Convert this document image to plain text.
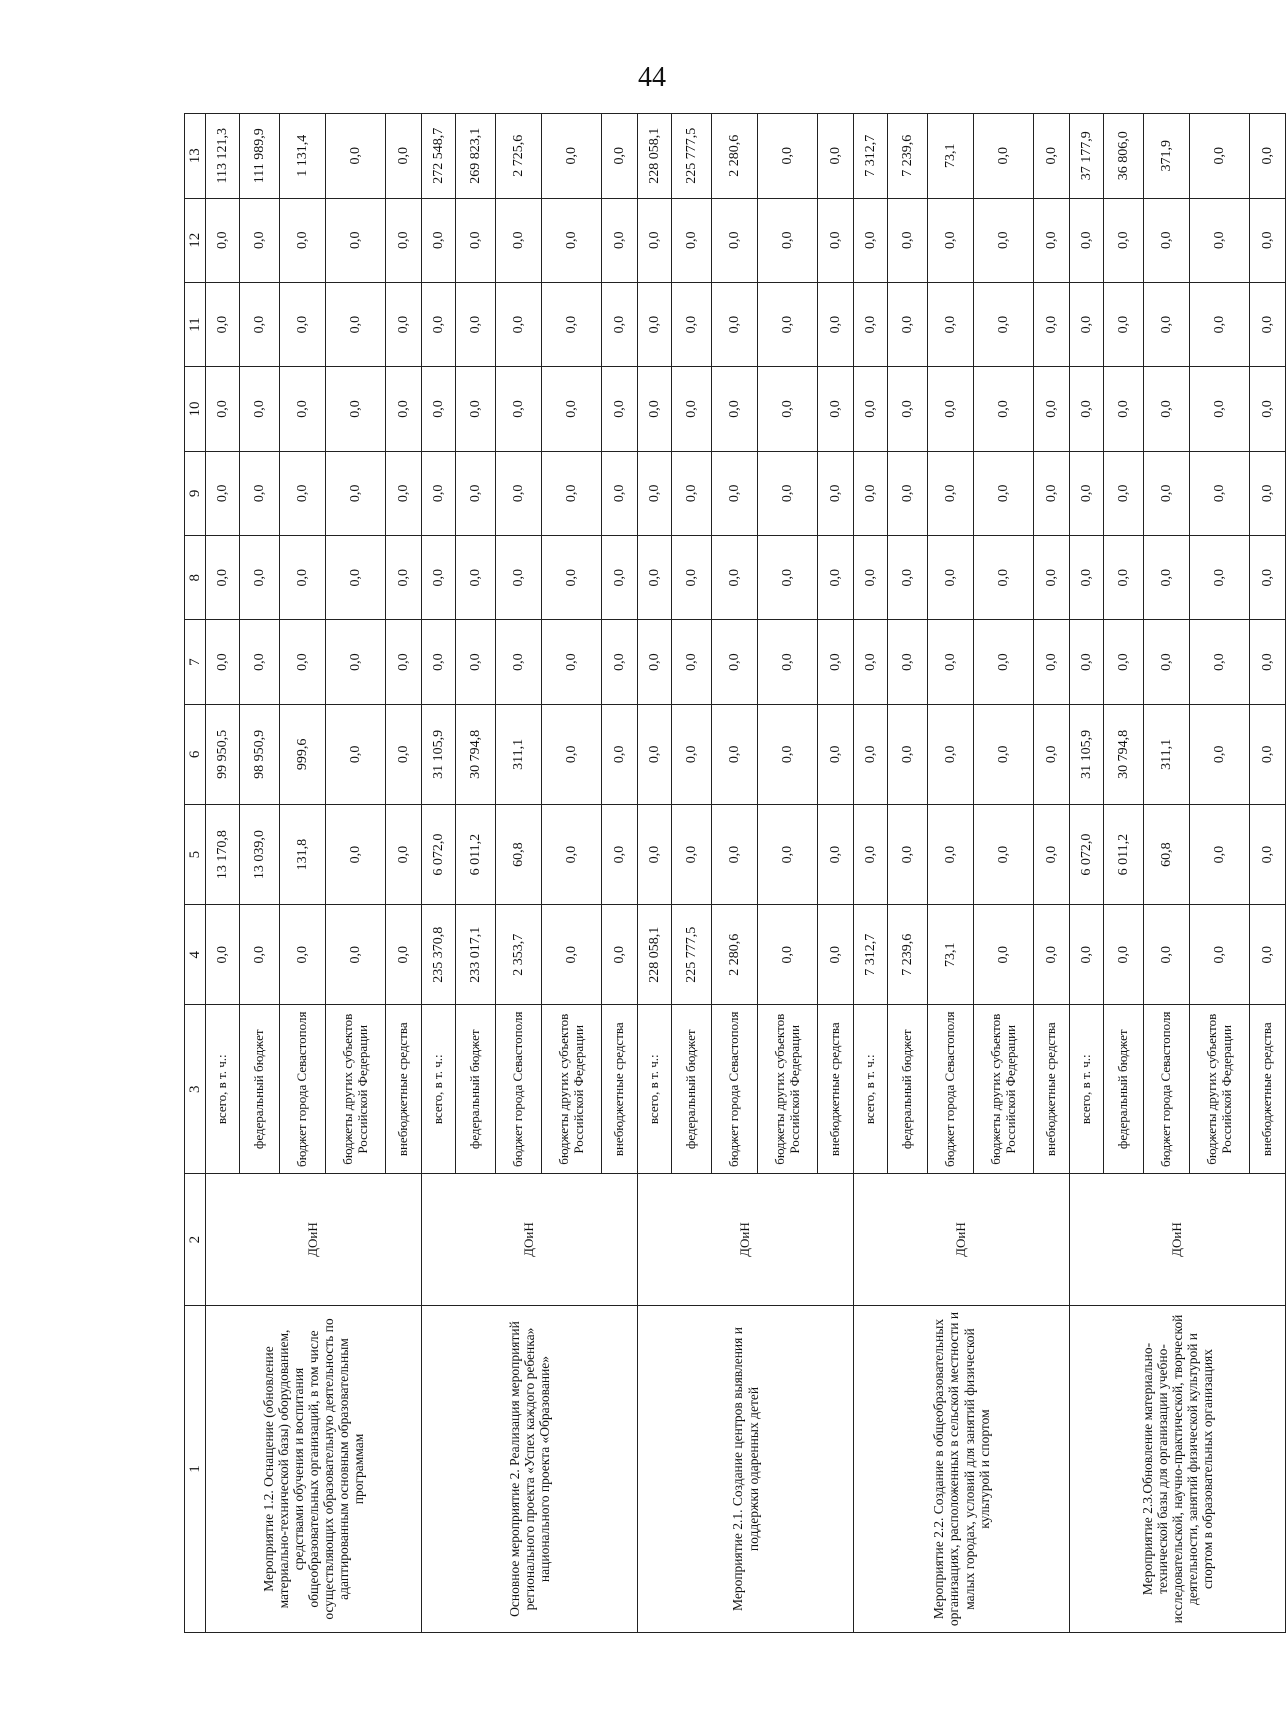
44
1	2	3	4	5	6	7	8	9	10	11	12	13
Мероприятие 1.2. Оснащение (обновление материально-технической базы) оборудованием, средствами обучения и воспитания общеобразовательных организаций, в том числе осуществляющих образовательную деятельность по адаптированным основным образовательным программам	ДОиН	всего, в т. ч.:	0,0	13 170,8	99 950,5	0,0	0,0	0,0	0,0	0,0	0,0	113 121,3
		федеральный бюджет	0,0	13 039,0	98 950,9	0,0	0,0	0,0	0,0	0,0	0,0	111 989,9
		бюджет города Севастополя	0,0	131,8	999,6	0,0	0,0	0,0	0,0	0,0	0,0	1 131,4
		бюджеты других субъектов Российской Федерации	0,0	0,0	0,0	0,0	0,0	0,0	0,0	0,0	0,0	0,0
		внебюджетные средства	0,0	0,0	0,0	0,0	0,0	0,0	0,0	0,0	0,0	0,0
Основное мероприятие 2. Реализация мероприятий регионального проекта «Успех каждого ребенка» национального проекта «Образование»	ДОиН	всего, в т. ч.:	235 370,8	6 072,0	31 105,9	0,0	0,0	0,0	0,0	0,0	0,0	272 548,7
		федеральный бюджет	233 017,1	6 011,2	30 794,8	0,0	0,0	0,0	0,0	0,0	0,0	269 823,1
		бюджет города Севастополя	2 353,7	60,8	311,1	0,0	0,0	0,0	0,0	0,0	0,0	2 725,6
		бюджеты других субъектов Российской Федерации	0,0	0,0	0,0	0,0	0,0	0,0	0,0	0,0	0,0	0,0
		внебюджетные средства	0,0	0,0	0,0	0,0	0,0	0,0	0,0	0,0	0,0	0,0
Мероприятие 2.1. Создание центров выявления и поддержки одаренных детей	ДОиН	всего, в т. ч.:	228 058,1	0,0	0,0	0,0	0,0	0,0	0,0	0,0	0,0	228 058,1
		федеральный бюджет	225 777,5	0,0	0,0	0,0	0,0	0,0	0,0	0,0	0,0	225 777,5
		бюджет города Севастополя	2 280,6	0,0	0,0	0,0	0,0	0,0	0,0	0,0	0,0	2 280,6
		бюджеты других субъектов Российской Федерации	0,0	0,0	0,0	0,0	0,0	0,0	0,0	0,0	0,0	0,0
		внебюджетные средства	0,0	0,0	0,0	0,0	0,0	0,0	0,0	0,0	0,0	0,0
Мероприятие 2.2. Создание в общеобразовательных организациях, расположенных в сельской местности и малых городах, условий для занятий физической культурой и спортом	ДОиН	всего, в т. ч.:	7 312,7	0,0	0,0	0,0	0,0	0,0	0,0	0,0	0,0	7 312,7
		федеральный бюджет	7 239,6	0,0	0,0	0,0	0,0	0,0	0,0	0,0	0,0	7 239,6
		бюджет города Севастополя	73,1	0,0	0,0	0,0	0,0	0,0	0,0	0,0	0,0	73,1
		бюджеты других субъектов Российской Федерации	0,0	0,0	0,0	0,0	0,0	0,0	0,0	0,0	0,0	0,0
		внебюджетные средства	0,0	0,0	0,0	0,0	0,0	0,0	0,0	0,0	0,0	0,0
Мероприятие 2.3.Обновление материально-технической базы для организации учебно-исследовательской, научно-практической, творческой деятельности, занятий физической культурой и спортом в образовательных организациях	ДОиН	всего, в т. ч.:	0,0	6 072,0	31 105,9	0,0	0,0	0,0	0,0	0,0	0,0	37 177,9
		федеральный бюджет	0,0	6 011,2	30 794,8	0,0	0,0	0,0	0,0	0,0	0,0	36 806,0
		бюджет города Севастополя	0,0	60,8	311,1	0,0	0,0	0,0	0,0	0,0	0,0	371,9
		бюджеты других субъектов Российской Федерации	0,0	0,0	0,0	0,0	0,0	0,0	0,0	0,0	0,0	0,0
		внебюджетные средства	0,0	0,0	0,0	0,0	0,0	0,0	0,0	0,0	0,0	0,0
